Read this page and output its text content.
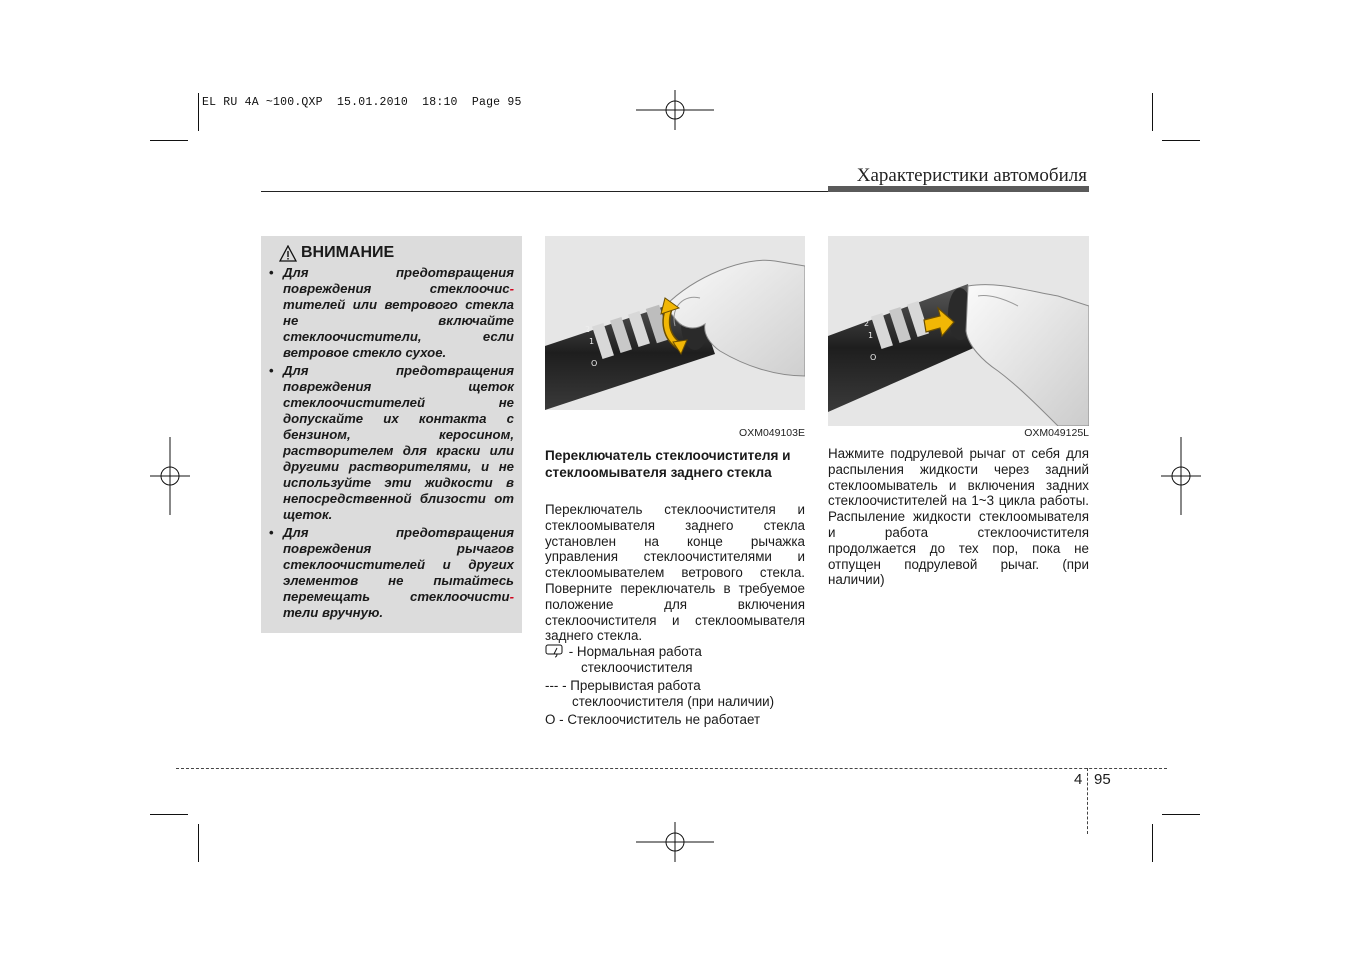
EL RU 4A ~100.QXP 15.01.2010 18:10 Page 95
Характеристики автомобиля
ВНИМАНИЕ
• Для предотвращения повреждения стеклоочис- тителей или ветрового стекла не включайте стеклоочистители, если ветровое стекло сухое.
• Для предотвращения повреждения щеток стеклоочистителей не допускайте их контакта с бензином, керосином, растворителем для краски или другими растворителями, и не используйте эти жидкости в непосредственной близости от щеток.
• Для предотвращения повреждения рычагов стеклоочистителей и других элементов не пытайтесь перемещать стеклоочисти- тели вручную.
2
1
O
OXM049103E
2
1
O
OXM049125L
Переключатель стеклоочистителя и стеклоомывателя заднего стекла
Переключатель стеклоочистителя и стеклоомывателя заднего стекла установлен на конце рычажка управления стеклоочистителями и стеклоомывателем ветрового стекла. Поверните переключатель в требуемое положение для включения стеклоочистителя и стеклоомывателя заднего стекла.
- Нормальная работа
стеклоочистителя
--- - Прерывистая работа
стеклоочистителя (при наличии)
O - Стеклоочиститель не работает
Нажмите подрулевой рычаг от себя для распыления жидкости через задний стеклоомыватель и включения задних стеклоочистителей на 1~3 цикла работы. Распыление жидкости стеклоомывателя и работа стеклоочистителя продолжается до тех пор, пока не отпущен подрулевой рычаг. (при наличии)
4 95
